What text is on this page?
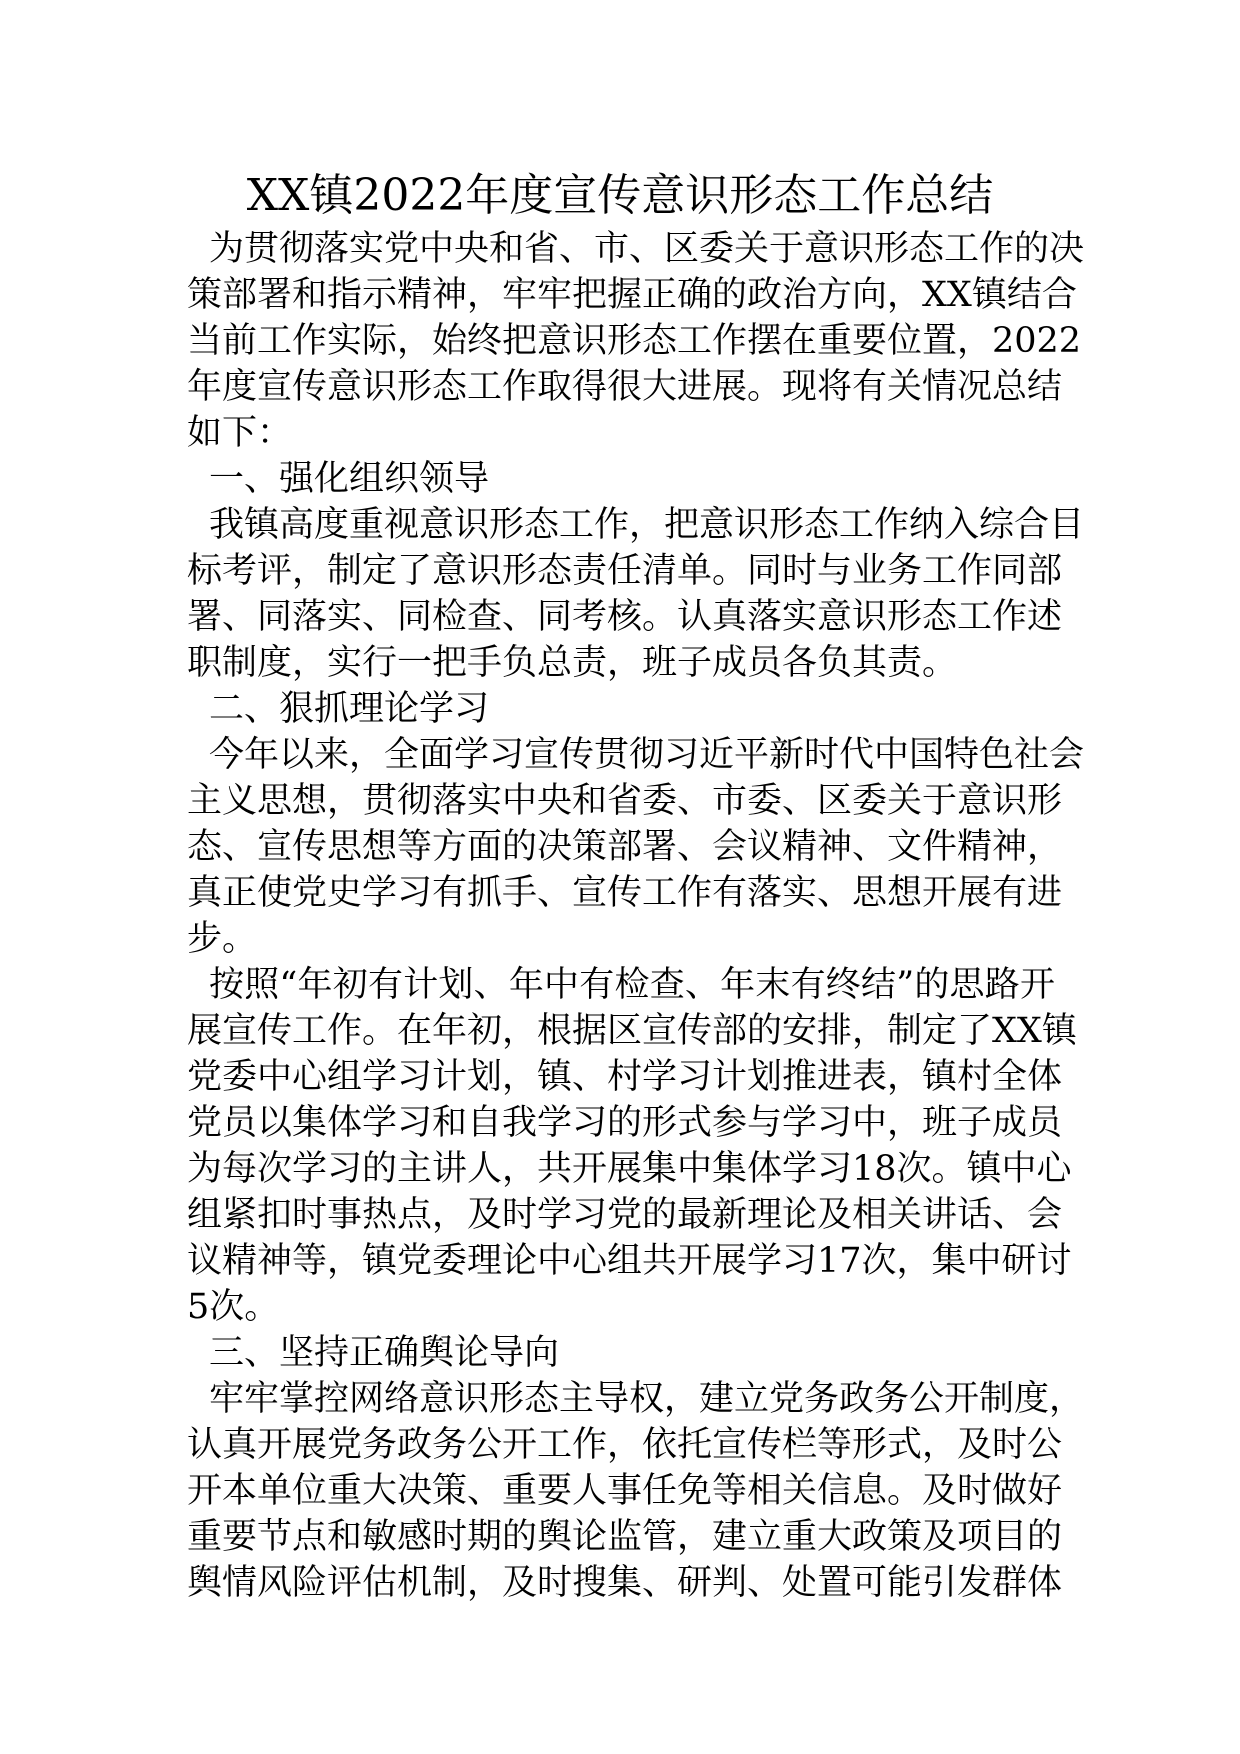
XX镇2022年度宣传意识形态工作总结
为贯彻落实党中央和省、市、区委关于意识形态工作的决
策部署和指示精神，牢牢把握正确的政治方向，XX镇结合
当前工作实际，始终把意识形态工作摆在重要位置，2022
年度宣传意识形态工作取得很大进展。现将有关情况总结
如下：
一、强化组织领导
我镇高度重视意识形态工作，把意识形态工作纳入综合目
标考评，制定了意识形态责任清单。同时与业务工作同部
署、同落实、同检查、同考核。认真落实意识形态工作述
职制度，实行一把手负总责，班子成员各负其责。
二、狠抓理论学习
今年以来，全面学习宣传贯彻习近平新时代中国特色社会
主义思想，贯彻落实中央和省委、市委、区委关于意识形
态、宣传思想等方面的决策部署、会议精神、文件精神，
真正使党史学习有抓手、宣传工作有落实、思想开展有进
步。
按照“年初有计划、年中有检查、年末有终结”的思路开
展宣传工作。在年初，根据区宣传部的安排，制定了XX镇
党委中心组学习计划，镇、村学习计划推进表，镇村全体
党员以集体学习和自我学习的形式参与学习中，班子成员
为每次学习的主讲人，共开展集中集体学习18次。镇中心
组紧扣时事热点，及时学习党的最新理论及相关讲话、会
议精神等，镇党委理论中心组共开展学习17次，集中研讨
5次。
三、坚持正确舆论导向
牢牢掌控网络意识形态主导权，建立党务政务公开制度，
认真开展党务政务公开工作，依托宣传栏等形式，及时公
开本单位重大决策、重要人事任免等相关信息。及时做好
重要节点和敏感时期的舆论监管，建立重大政策及项目的
舆情风险评估机制，及时搜集、研判、处置可能引发群体
